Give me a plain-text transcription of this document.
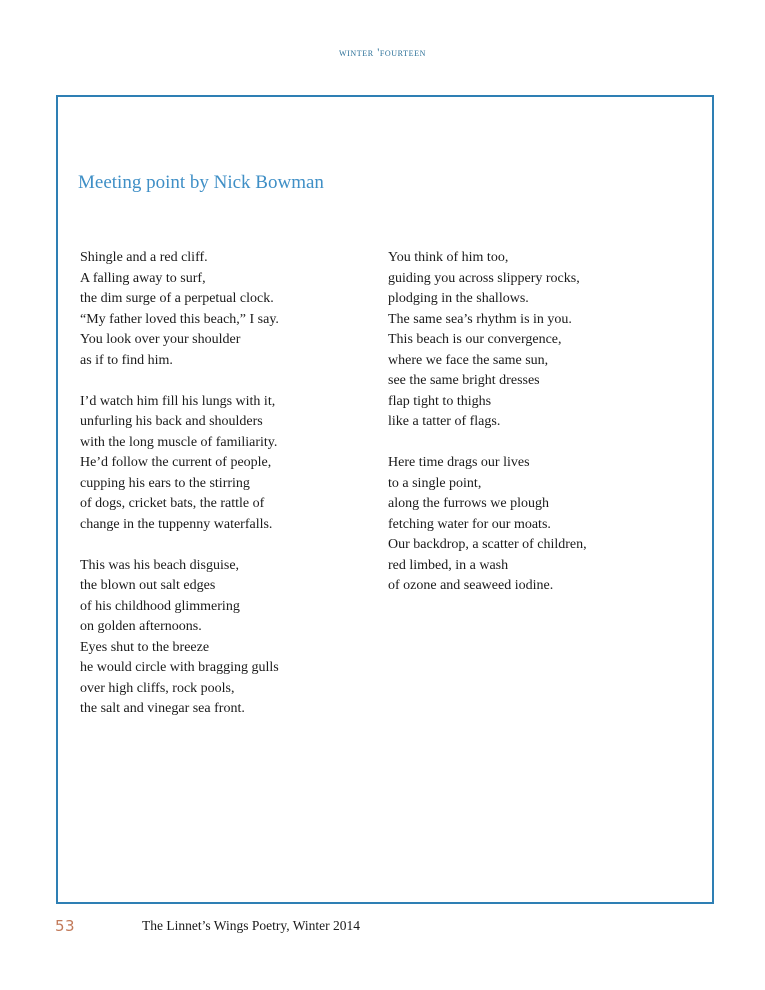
winter 'fourteen
Meeting point by Nick Bowman
Shingle and a red cliff.
A falling away to surf,
the dim surge of a perpetual clock.
“My father loved this beach,” I say.
You look over your shoulder
as if to find him.
I’d watch him fill his lungs with it,
unfurling his back and shoulders
with the long muscle of familiarity.
He’d follow the current of people,
cupping his ears to the stirring
of dogs, cricket bats, the rattle of
change in the tuppenny waterfalls.
This was his beach disguise,
the blown out salt edges
of his childhood glimmering
on golden afternoons.
Eyes shut to the breeze
he would circle with bragging gulls
over high cliffs, rock pools,
the salt and vinegar sea front.
You think of him too,
guiding you across slippery rocks,
plodging in the shallows.
The same sea’s rhythm is in you.
This beach is our convergence,
where we face the same sun,
see the same bright dresses
flap tight to thighs
like a tatter of flags.
Here time drags our lives
to a single point,
along the furrows we plough
fetching water for our moats.
Our backdrop, a scatter of children,
red limbed, in a wash
of ozone and seaweed iodine.
53	The Linnet’s Wings Poetry, Winter 2014
